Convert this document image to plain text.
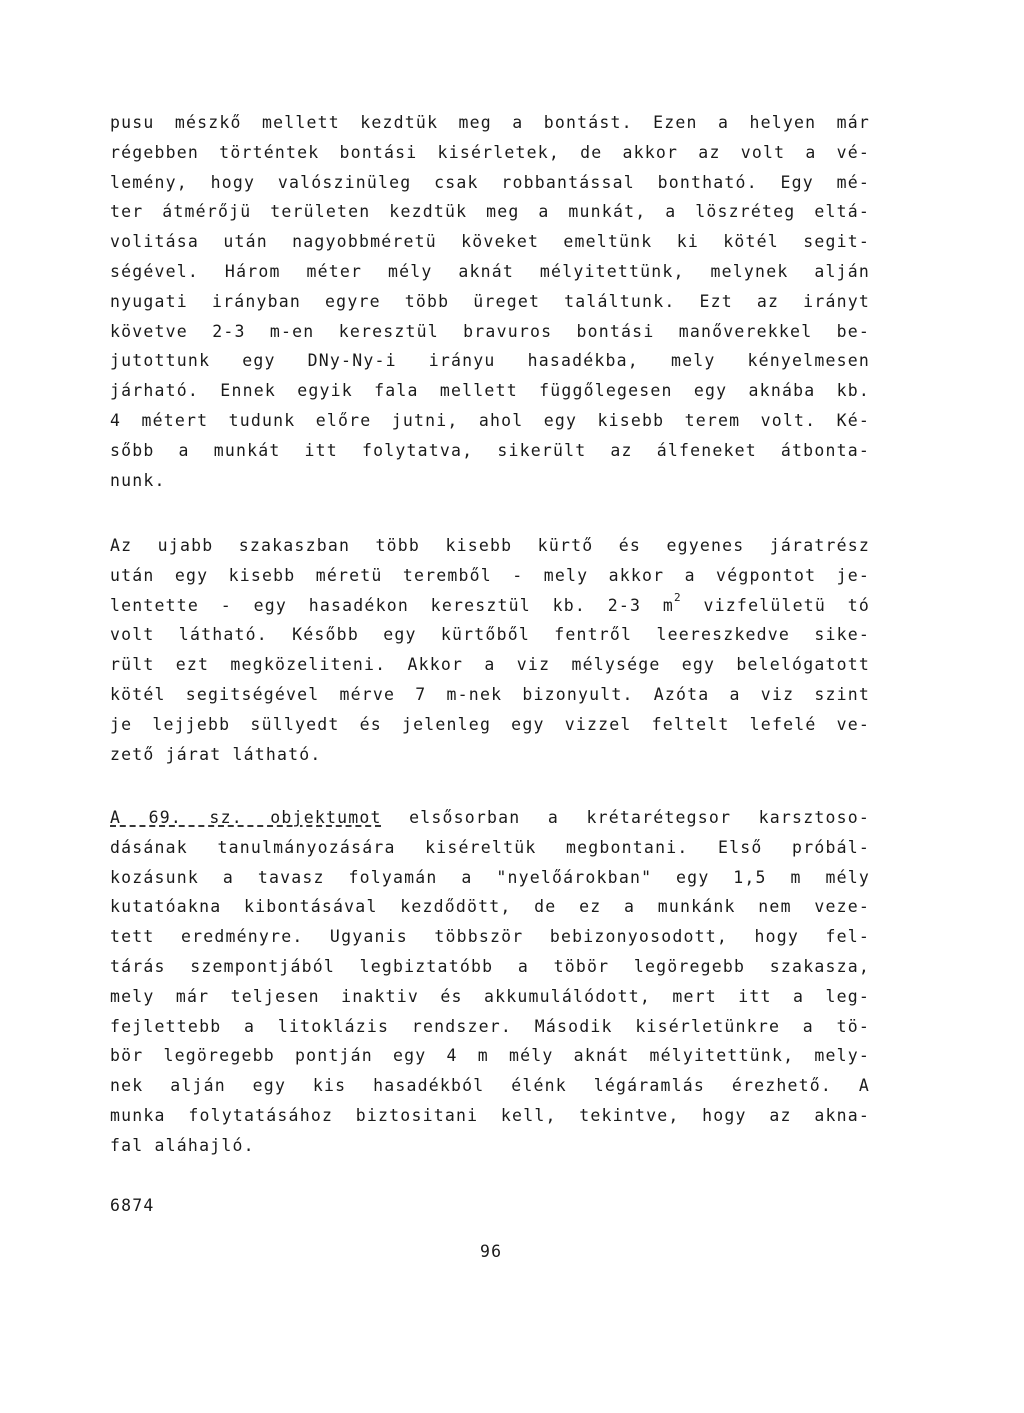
pusu mészkő mellett kezdtük meg a bontást. Ezen a helyen már
régebben történtek bontási kisérletek, de akkor az volt a vé-
lemény, hogy valószinüleg csak robbantással bontható. Egy mé-
ter átmérőjü területen kezdtük meg a munkát, a löszréteg eltá-
volitása után nagyobbméretü köveket emeltünk ki kötél segit-
ségével. Három méter mély aknát mélyitettünk, melynek alján
nyugati irányban egyre több üreget találtunk. Ezt az irányt
követve 2-3 m-en keresztül bravuros bontási manőverekkel be-
jutottunk egy DNy-Ny-i irányu hasadékba, mely kényelmesen
járható. Ennek egyik fala mellett függőlegesen egy aknába kb.
4 métert tudunk előre jutni, ahol egy kisebb terem volt. Ké-
sőbb a munkát itt folytatva, sikerült az álfeneket átbonta-
nunk.
Az ujabb szakaszban több kisebb kürtő és egyenes járatrész
után egy kisebb méretü teremből - mely akkor a végpontot je-
lentette - egy hasadékon keresztül kb. 2-3 $m^2$ vizfelületü tó
volt látható. Később egy kürtőből fentről leereszkedve sike-
rült ezt megközeliteni. Akkor a viz mélysége egy belelógatott
kötél segitségével mérve 7 m-nek bizonyult. Azóta a viz szint
je lejjebb süllyedt és jelenleg egy vizzel feltelt lefelé ve-
zető járat látható.
A 69. sz. objektumot elsősorban a krétarétegsor karsztoso-
dásának tanulmányozására kiséreltük megbontani. Első próbál-
kozásunk a tavasz folyamán a "nyelőárokban" egy 1,5 m mély
kutatóakna kibontásával kezdődött, de ez a munkánk nem veze-
tett eredményre. Ugyanis többször bebizonyosodott, hogy fel-
tárás szempontjából legbiztatóbb a töbör legöregebb szakasza,
mely már teljesen inaktiv és akkumulálódott, mert itt a leg-
fejlettebb a litoklázis rendszer. Második kisérletünkre a tö-
bör legöregebb pontján egy 4 m mély aknát mélyitettünk, mely-
nek alján egy kis hasadékból élénk légáramlás érezhető. A
munka folytatásához biztositani kell, tekintve, hogy az akna-
fal aláhajló.
6874
96
